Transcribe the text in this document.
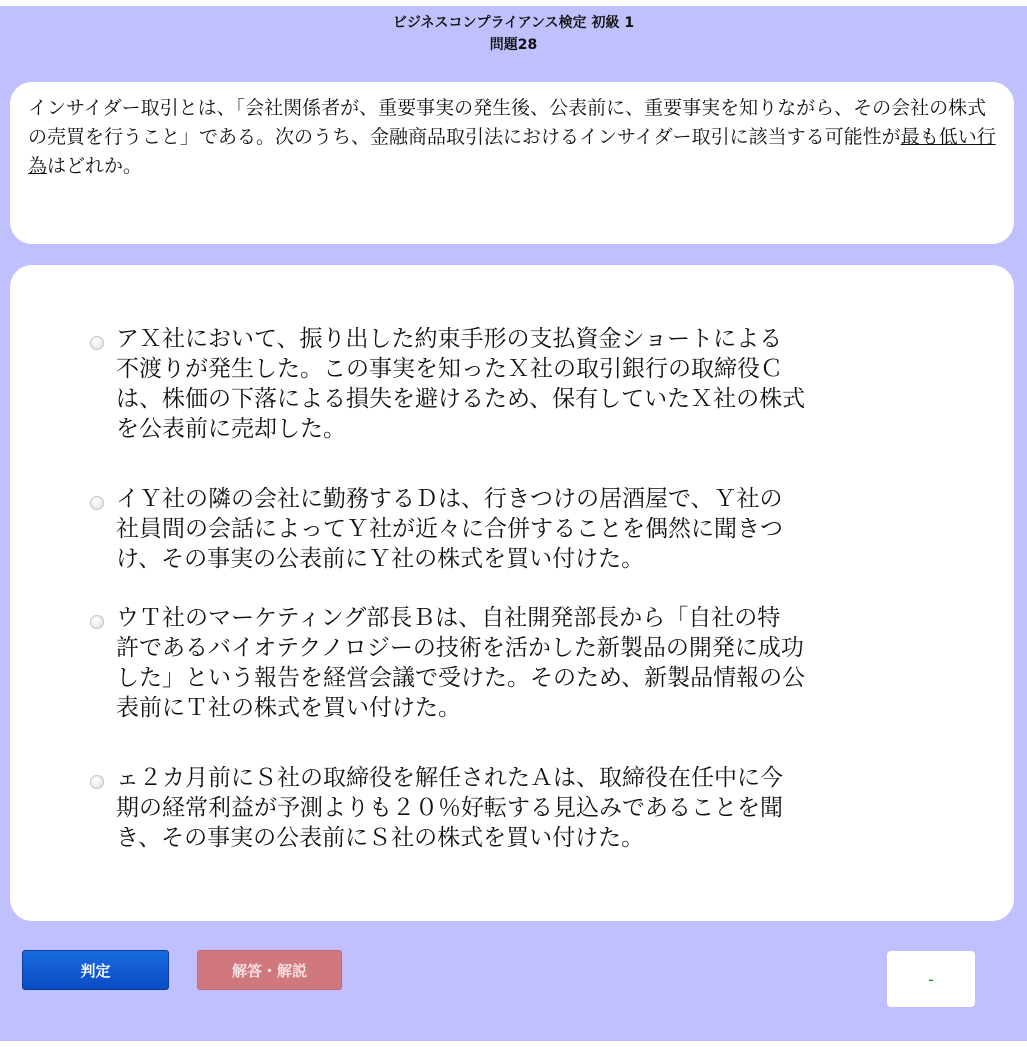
ビジネスコンプライアンス検定 初級 1
問題28
インサイダー取引とは、「会社関係者が、重要事実の発生後、公表前に、重要事実を知りながら、その会社の株式の売買を行うこと」である。次のうち、金融商品取引法におけるインサイダー取引に該当する可能性が最も低い行為はどれか。
アＸ社において、振り出した約束手形の支払資金ショートによる
不渡りが発生した。この事実を知ったＸ社の取引銀行の取締役Ｃ
は、株価の下落による損失を避けるため、保有していたＸ社の株式
を公表前に売却した。
イＹ社の隣の会社に勤務するＤは、行きつけの居酒屋で、Ｙ社の
社員間の会話によってＹ社が近々に合併することを偶然に聞きつ
け、その事実の公表前にＹ社の株式を買い付けた。
ウＴ社のマーケティング部長Ｂは、自社開発部長から「自社の特
許であるバイオテクノロジーの技術を活かした新製品の開発に成功
した」という報告を経営会議で受けた。そのため、新製品情報の公
表前にＴ社の株式を買い付けた。
ェ２カ月前にＳ社の取締役を解任されたＡは、取締役在任中に今
期の経常利益が予測よりも２０％好転する見込みであることを聞
き、その事実の公表前にＳ社の株式を買い付けた。
判定	解答・解説	-
